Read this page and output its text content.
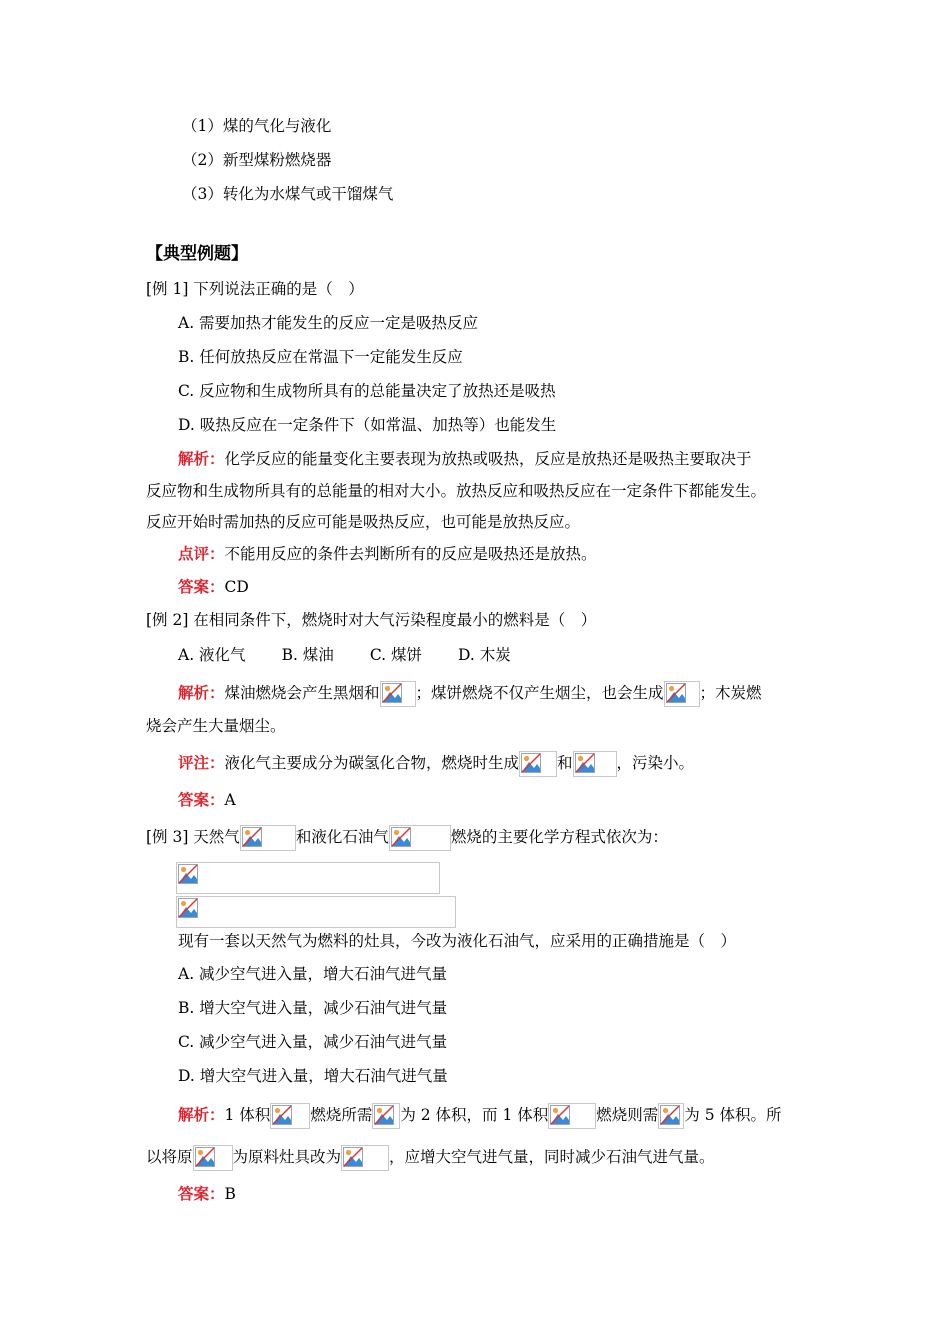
（1）煤的气化与液化
（2）新型煤粉燃烧器
（3）转化为水煤气或干馏煤气
【典型例题】
[例 1] 下列说法正确的是（　）
A. 需要加热才能发生的反应一定是吸热反应
B. 任何放热反应在常温下一定能发生反应
C. 反应物和生成物所具有的总能量决定了放热还是吸热
D. 吸热反应在一定条件下（如常温、加热等）也能发生
解析：化学反应的能量变化主要表现为放热或吸热，反应是放热还是吸热主要取决于
反应物和生成物所具有的总能量的相对大小。放热反应和吸热反应在一定条件下都能发生。
反应开始时需加热的反应可能是吸热反应，也可能是放热反应。
点评：不能用反应的条件去判断所有的反应是吸热还是放热。
答案：CD
[例 2] 在相同条件下，燃烧时对大气污染程度最小的燃料是（　）
A. 液化气 B. 煤油 C. 煤饼 D. 木炭
解析：煤油燃烧会产生黑烟和 ；煤饼燃烧不仅产生烟尘，也会生成 ；木炭燃
烧会产生大量烟尘。
评注：液化气主要成分为碳氢化合物，燃烧时生成 和	，污染小。
答案：A
[例 3] 天然气	和液化石油气	燃烧的主要化学方程式依次为：
现有一套以天然气为燃料的灶具，今改为液化石油气，应采用的正确措施是（　）
A. 减少空气进入量，增大石油气进气量
B. 增大空气进入量，减少石油气进气量
C. 减少空气进入量，减少石油气进气量
D. 增大空气进入量，增大石油气进气量
解析：1 体积	燃烧所需 为 2 体积，而 1 体积	燃烧则需 为 5 体积。所
以将原	为原料灶具改为	，应增大空气进气量，同时减少石油气进气量。
答案：B
